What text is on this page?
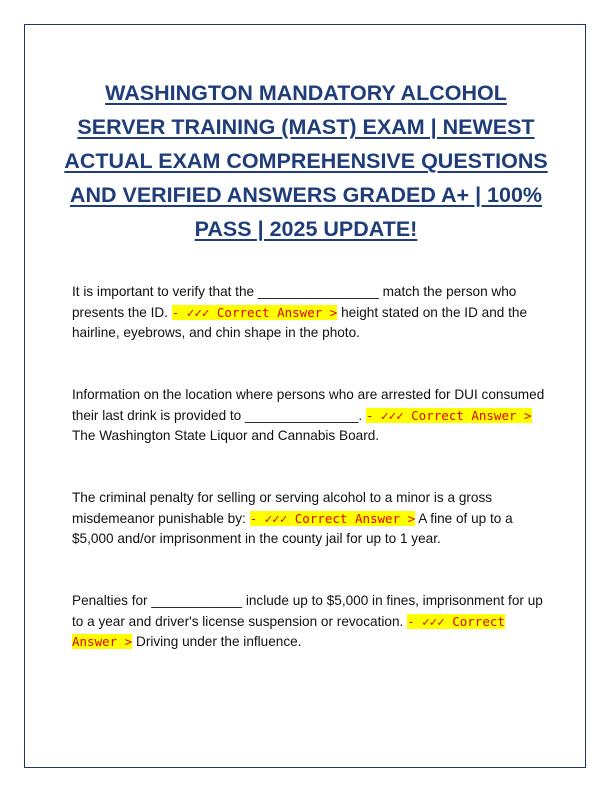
WASHINGTON MANDATORY ALCOHOL SERVER TRAINING (MAST) EXAM | NEWEST ACTUAL EXAM COMPREHENSIVE QUESTIONS AND VERIFIED ANSWERS GRADED A+ | 100% PASS | 2025 UPDATE!

It is important to verify that the ________________ match the person who presents the ID. - ✓✓✓ Correct Answer > height stated on the ID and the hairline, eyebrows, and chin shape in the photo.

Information on the location where persons who are arrested for DUI consumed their last drink is provided to _______________. - ✓✓✓ Correct Answer > The Washington State Liquor and Cannabis Board.

The criminal penalty for selling or serving alcohol to a minor is a gross misdemeanor punishable by: - ✓✓✓ Correct Answer > A fine of up to a $5,000 and/or imprisonment in the county jail for up to 1 year.

Penalties for ____________ include up to $5,000 in fines, imprisonment for up to a year and driver's license suspension or revocation. - ✓✓✓ Correct Answer > Driving under the influence.
